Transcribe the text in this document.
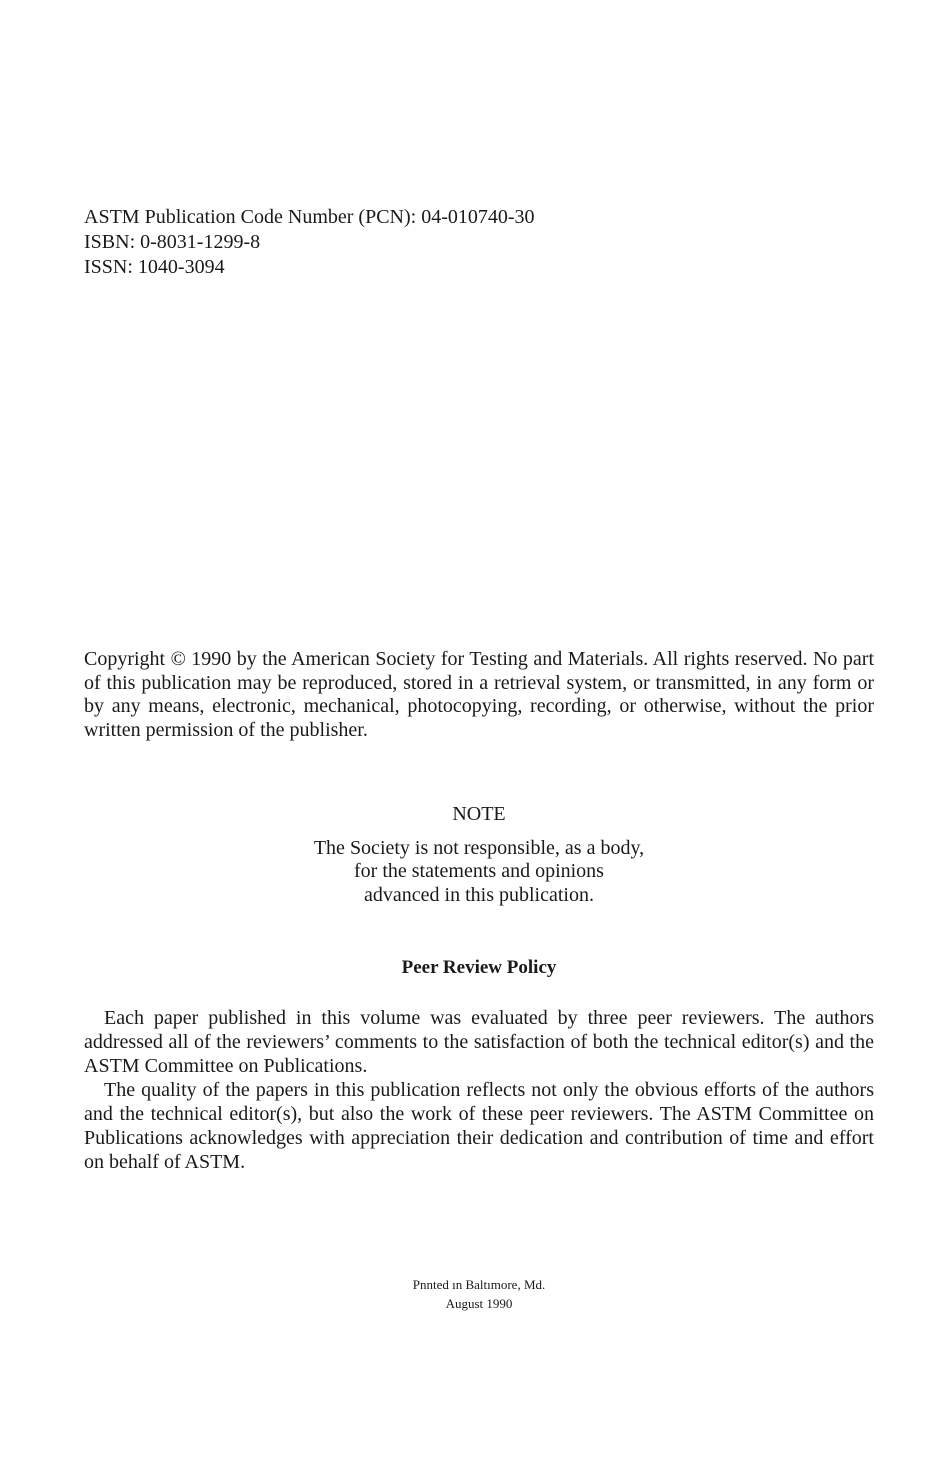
ASTM Publication Code Number (PCN): 04-010740-30
ISBN: 0-8031-1299-8
ISSN: 1040-3094
Copyright © 1990 by the American Society for Testing and Materials. All rights reserved. No part of this publication may be reproduced, stored in a retrieval system, or transmitted, in any form or by any means, electronic, mechanical, photocopying, recording, or otherwise, without the prior written permission of the publisher.
NOTE
The Society is not responsible, as a body,
for the statements and opinions
advanced in this publication.
Peer Review Policy

Each paper published in this volume was evaluated by three peer reviewers. The authors addressed all of the reviewers’ comments to the satisfaction of both the technical editor(s) and the ASTM Committee on Publications.

The quality of the papers in this publication reflects not only the obvious efforts of the authors and the technical editor(s), but also the work of these peer reviewers. The ASTM Committee on Publications acknowledges with appreciation their dedication and contribution of time and effort on behalf of ASTM.

Pnnted ın Baltımore, Md.
August 1990
